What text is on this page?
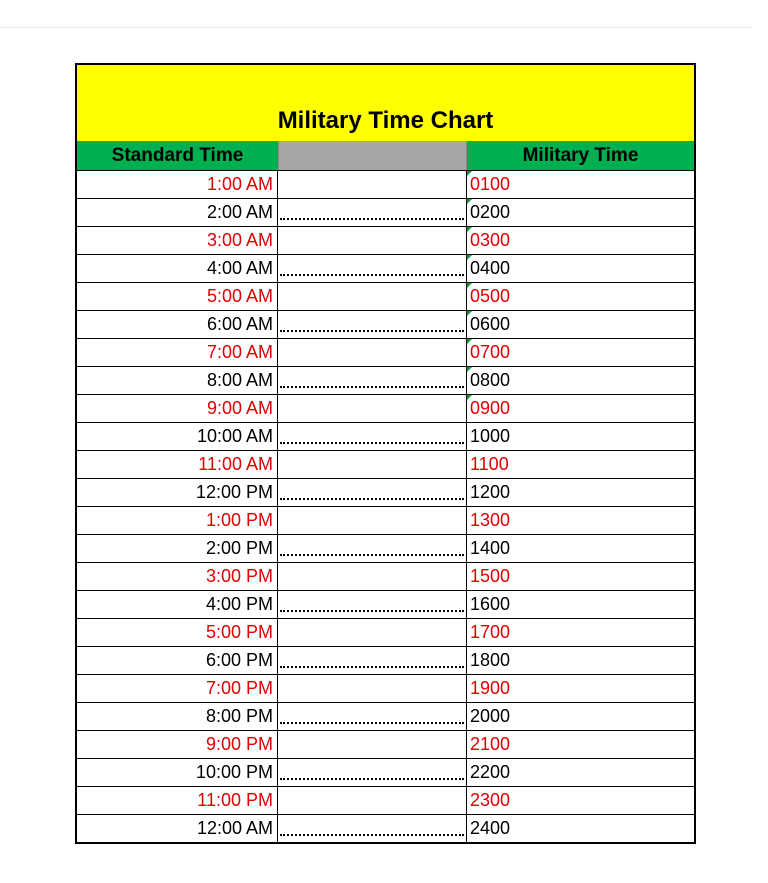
Military Time Chart
Standard Time	Military Time
1:00 AM	0100
2:00 AM	0200
3:00 AM	0300
4:00 AM	0400
5:00 AM	0500
6:00 AM	0600
7:00 AM	0700
8:00 AM	0800
9:00 AM	0900
10:00 AM	1000
11:00 AM	1100
12:00 PM	1200
1:00 PM	1300
2:00 PM	1400
3:00 PM	1500
4:00 PM	1600
5:00 PM	1700
6:00 PM	1800
7:00 PM	1900
8:00 PM	2000
9:00 PM	2100
10:00 PM	2200
11:00 PM	2300
12:00 AM	2400
